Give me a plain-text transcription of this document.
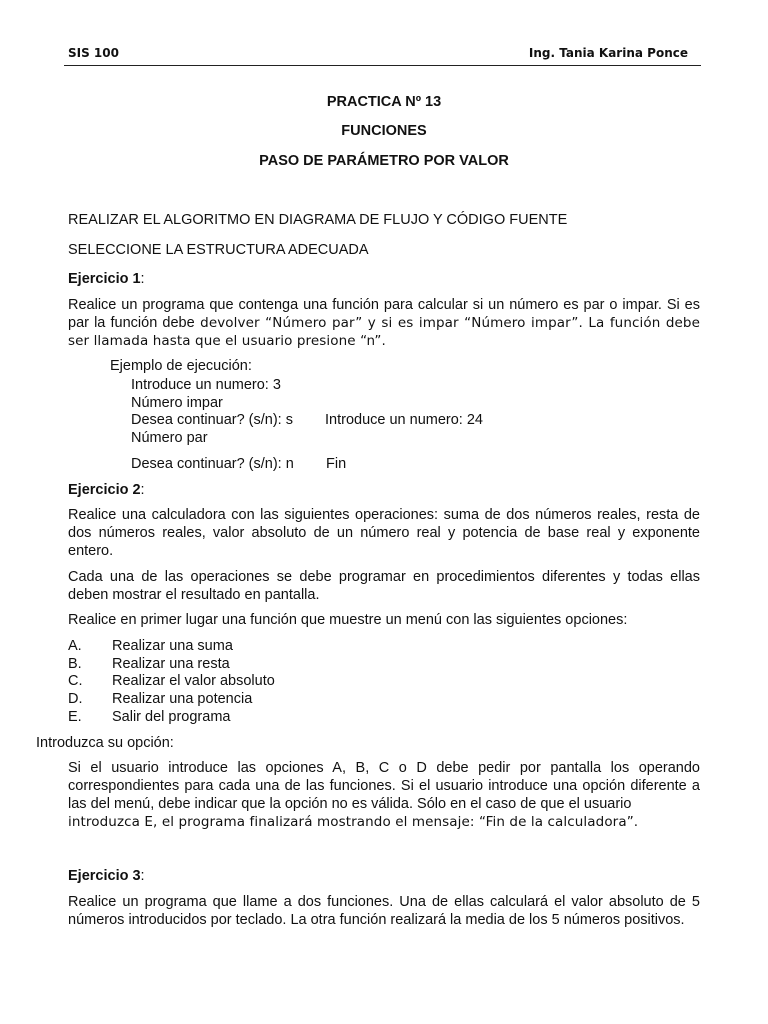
SIS 100	Ing. Tania Karina Ponce
PRACTICA Nº 13
FUNCIONES
PASO DE PARÁMETRO POR VALOR
REALIZAR EL ALGORITMO EN DIAGRAMA DE FLUJO Y CÓDIGO FUENTE
SELECCIONE LA ESTRUCTURA ADECUADA
Ejercicio 1:
Realice un programa que contenga una función para calcular si un número es par o impar. Si es par la función debe devolver “Número par” y si es impar “Número impar”. La función debe ser llamada hasta que el usuario presione “n”.
Ejemplo de ejecución:
Introduce un numero: 3
Número impar
Desea continuar? (s/n): s Introduce un numero: 24
Número par
Desea continuar? (s/n): n Fin
Ejercicio 2:
Realice una calculadora con las siguientes operaciones: suma de dos números reales, resta de dos números reales, valor absoluto de un número real y potencia de base real y exponente entero.
Cada una de las operaciones se debe programar en procedimientos diferentes y todas ellas deben mostrar el resultado en pantalla.
Realice en primer lugar una función que muestre un menú con las siguientes opciones:
A. Realizar una suma
B. Realizar una resta
C. Realizar el valor absoluto
D. Realizar una potencia
E. Salir del programa
Introduzca su opción:
Si el usuario introduce las opciones A, B, C o D debe pedir por pantalla los operando correspondientes para cada una de las funciones. Si el usuario introduce una opción diferente a las del menú, debe indicar que la opción no es válida. Sólo en el caso de que el usuario
introduzca E, el programa finalizará mostrando el mensaje: “Fin de la calculadora”.
Ejercicio 3:
Realice un programa que llame a dos funciones. Una de ellas calculará el valor absoluto de 5 números introducidos por teclado. La otra función realizará la media de los 5 números positivos.
